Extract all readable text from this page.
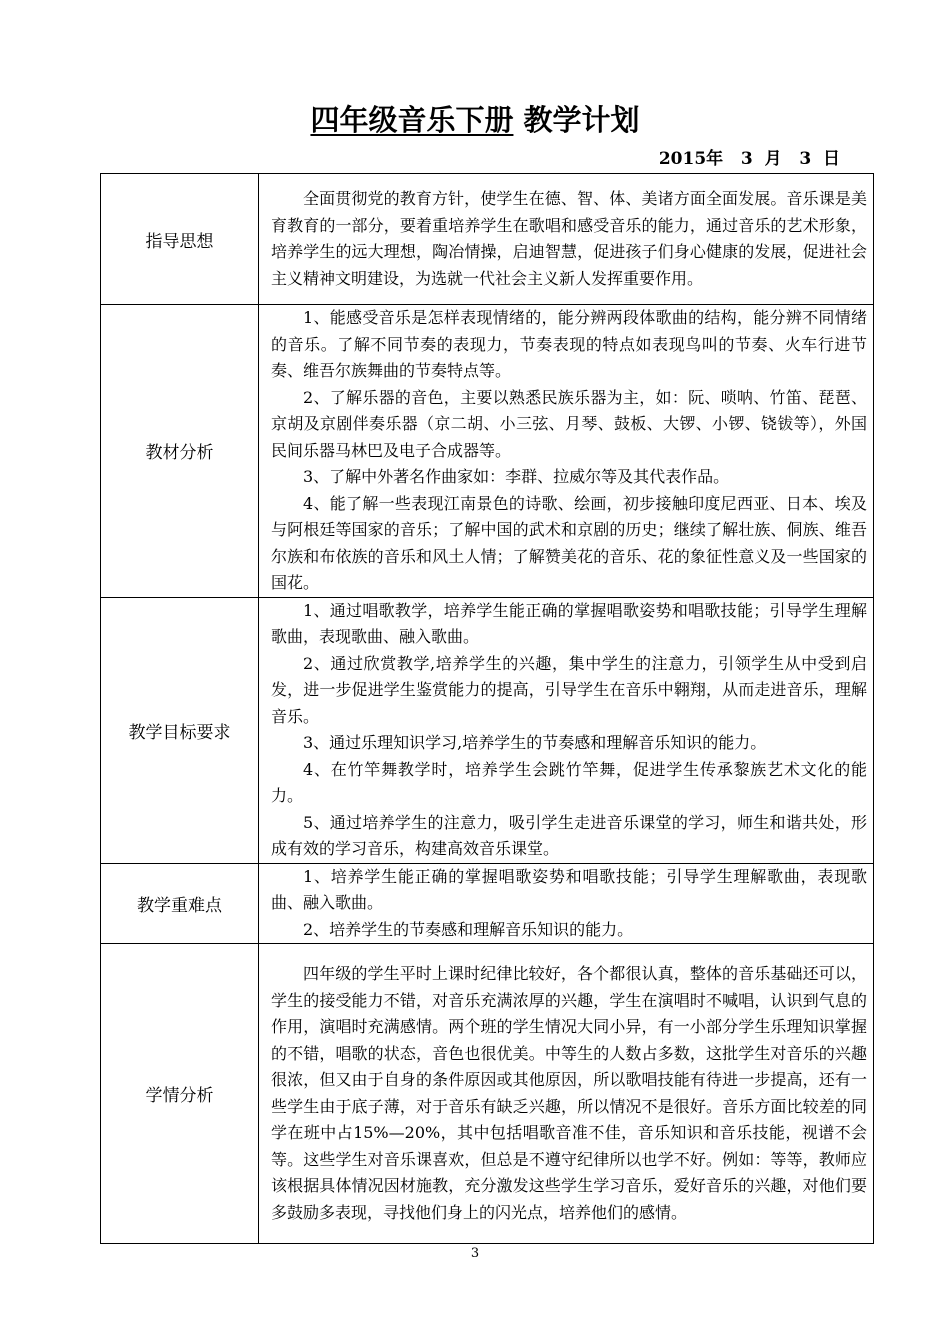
四年级音乐下册 教学计划
2015年   3  月   3  日
指导思想	全面贯彻党的教育方针，使学生在德、智、体、美诸方面全面发展。音乐课是美育教育的一部分，要着重培养学生在歌唱和感受音乐的能力，通过音乐的艺术形象，培养学生的远大理想，陶冶情操，启迪智慧，促进孩子们身心健康的发展，促进社会主义精神文明建设，为选就一代社会主义新人发挥重要作用。

教材分析	1、能感受音乐是怎样表现情绪的，能分辨两段体歌曲的结构，能分辨不同情绪的音乐。了解不同节奏的表现力，节奏表现的特点如表现鸟叫的节奏、火车行进节奏、维吾尔族舞曲的节奏特点等。

2、了解乐器的音色，主要以熟悉民族乐器为主，如：阮、唢呐、竹笛、琵琶、京胡及京剧伴奏乐器（京二胡、小三弦、月琴、鼓板、大锣、小锣、铙钹等），外国民间乐器马林巴及电子合成器等。

3、了解中外著名作曲家如：李群、拉威尔等及其代表作品。

4、能了解一些表现江南景色的诗歌、绘画，初步接触印度尼西亚、日本、埃及与阿根廷等国家的音乐；了解中国的武术和京剧的历史；继续了解壮族、侗族、维吾尔族和布依族的音乐和风土人情；了解赞美花的音乐、花的象征性意义及一些国家的国花。

教学目标要求	1、通过唱歌教学，培养学生能正确的掌握唱歌姿势和唱歌技能；引导学生理解歌曲，表现歌曲、融入歌曲。

2、通过欣赏教学,培养学生的兴趣，集中学生的注意力，引领学生从中受到启发，进一步促进学生鉴赏能力的提高，引导学生在音乐中翱翔，从而走进音乐，理解音乐。

3、通过乐理知识学习,培养学生的节奏感和理解音乐知识的能力。

4、在竹竿舞教学时，培养学生会跳竹竿舞，促进学生传承黎族艺术文化的能力。

5、通过培养学生的注意力，吸引学生走进音乐课堂的学习，师生和谐共处，形成有效的学习音乐，构建高效音乐课堂。

教学重难点	1、培养学生能正确的掌握唱歌姿势和唱歌技能；引导学生理解歌曲，表现歌曲、融入歌曲。

2、培养学生的节奏感和理解音乐知识的能力。

学情分析	四年级的学生平时上课时纪律比较好，各个都很认真，整体的音乐基础还可以，学生的接受能力不错，对音乐充满浓厚的兴趣，学生在演唱时不喊唱，认识到气息的作用，演唱时充满感情。两个班的学生情况大同小异，有一小部分学生乐理知识掌握的不错，唱歌的状态，音色也很优美。中等生的人数占多数，这批学生对音乐的兴趣很浓，但又由于自身的条件原因或其他原因，所以歌唱技能有待进一步提高，还有一些学生由于底子薄，对于音乐有缺乏兴趣，所以情况不是很好。音乐方面比较差的同学在班中占15%—20%，其中包括唱歌音准不佳，音乐知识和音乐技能，视谱不会等。这些学生对音乐课喜欢，但总是不遵守纪律所以也学不好。例如：等等，教师应该根据具体情况因材施教，充分激发这些学生学习音乐，爱好音乐的兴趣，对他们要多鼓励多表现，寻找他们身上的闪光点，培养他们的感情。

3
